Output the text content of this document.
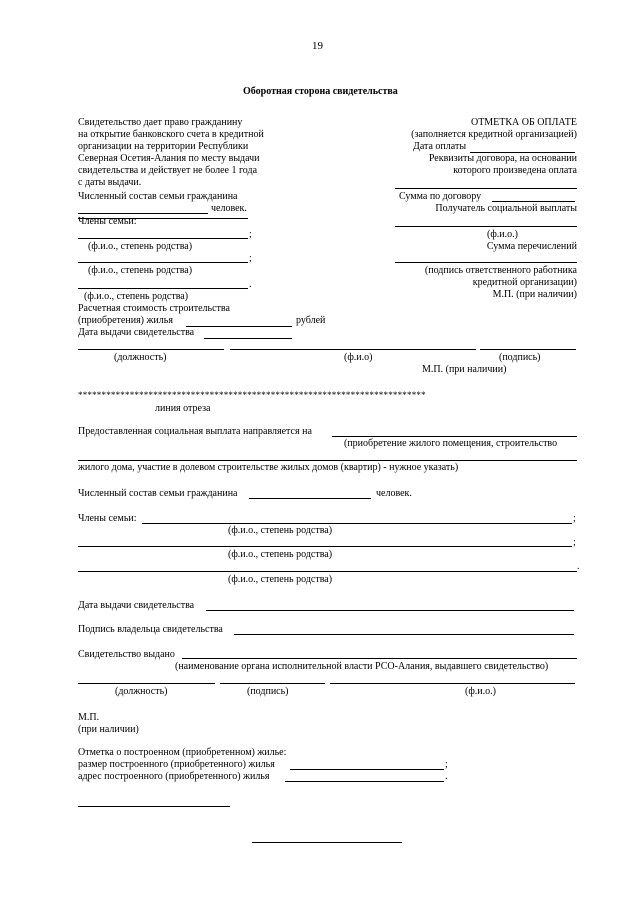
19
Оборотная сторона свидетельства
Свидетельство дает право гражданину
на открытие банковского счета в кредитной
организации на территории Республики
Северная Осетия-Алания по месту выдачи
свидетельства и действует не более 1 года
с даты выдачи.
Численный состав семьи гражданина
человек.
Члены семьи:
;
(ф.и.о., степень родства)
;
(ф.и.о., степень родства)
.
(ф.и.о., степень родства)
Расчетная стоимость строительства
(приобретения) жилья	рублей
Дата выдачи свидетельства
ОТМЕТКА ОБ ОПЛАТЕ
(заполняется кредитной организацией)
Дата оплаты
Реквизиты договора, на основании
которого произведена оплата
Сумма по договору
Получатель социальной выплаты
(ф.и.о.)
Сумма перечислений
(подпись ответственного работника
кредитной организации)
М.П. (при наличии)
(должность)	(ф.и.о)	(подпись)
М.П. (при наличии)
**************************************************************************
линия отреза
Предоставленная социальная выплата направляется на
(приобретение жилого помещения, строительство
жилого дома, участие в долевом строительстве жилых домов (квартир) - нужное указать)
Численный состав семьи гражданина	человек.
Члены семьи:	;
(ф.и.о., степень родства)
;
(ф.и.о., степень родства)
.
(ф.и.о., степень родства)
Дата выдачи свидетельства
Подпись владельца свидетельства
Свидетельство выдано
(наименование органа исполнительной власти РСО-Алания, выдавшего свидетельство)
(должность)	(подпись)	(ф.и.о.)
М.П.
(при наличии)
Отметка о построенном (приобретенном) жилье:
размер построенного (приобретенного) жилья	;
адрес построенного (приобретенного) жилья	.
